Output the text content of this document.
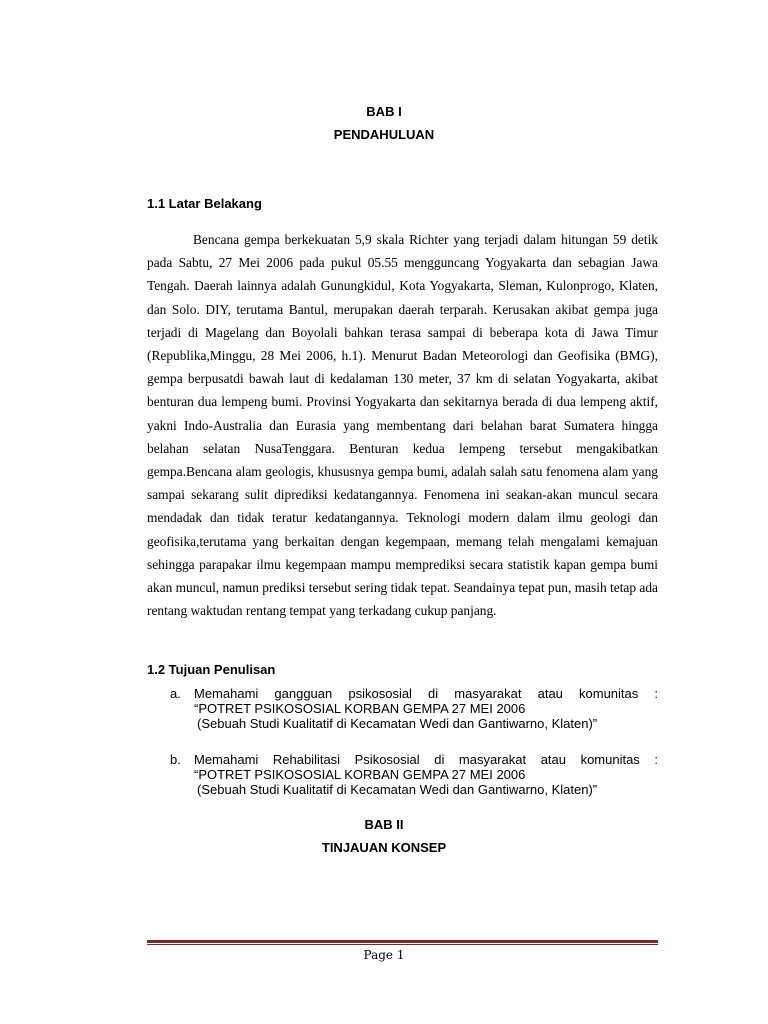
BAB I
PENDAHULUAN
1.1 Latar Belakang

Bencana gempa berkekuatan 5,9 skala Richter yang terjadi dalam hitungan 59 detik pada Sabtu, 27 Mei 2006 pada pukul 05.55 mengguncang Yogyakarta dan sebagian Jawa Tengah. Daerah lainnya adalah Gunungkidul, Kota Yogyakarta, Sleman, Kulonprogo, Klaten, dan Solo. DIY, terutama Bantul, merupakan daerah terparah. Kerusakan akibat gempa juga terjadi di Magelang dan Boyolali bahkan terasa sampai di beberapa kota di Jawa Timur (Republika,Minggu, 28 Mei 2006, h.1). Menurut Badan Meteorologi dan Geofisika (BMG), gempa berpusatdi bawah laut di kedalaman 130 meter, 37 km di selatan Yogyakarta, akibat benturan dua lempeng bumi. Provinsi Yogyakarta dan sekitarnya berada di dua lempeng aktif, yakni Indo-Australia dan Eurasia yang membentang dari belahan barat Sumatera hingga belahan selatan NusaTenggara. Benturan kedua lempeng tersebut mengakibatkan gempa.Bencana alam geologis, khususnya gempa bumi, adalah salah satu fenomena alam yang sampai sekarang sulit diprediksi kedatangannya. Fenomena ini seakan-akan muncul secara mendadak dan tidak teratur kedatangannya. Teknologi modern dalam ilmu geologi dan geofisika,terutama yang berkaitan dengan kegempaan, memang telah mengalami kemajuan sehingga parapakar ilmu kegempaan mampu memprediksi secara statistik kapan gempa bumi akan muncul, namun prediksi tersebut sering tidak tepat. Seandainya tepat pun, masih tetap ada rentang waktudan rentang tempat yang terkadang cukup panjang.

1.2 Tujuan Penulisan
a. Memahami gangguan psikososial di masyarakat atau komunitas :
“POTRET PSIKOSOSIAL KORBAN GEMPA 27 MEI 2006
(Sebuah Studi Kualitatif di Kecamatan Wedi dan Gantiwarno, Klaten)”
b. Memahami Rehabilitasi Psikososial di masyarakat atau komunitas :
“POTRET PSIKOSOSIAL KORBAN GEMPA 27 MEI 2006
(Sebuah Studi Kualitatif di Kecamatan Wedi dan Gantiwarno, Klaten)”
BAB II
TINJAUAN KONSEP
Page 1
